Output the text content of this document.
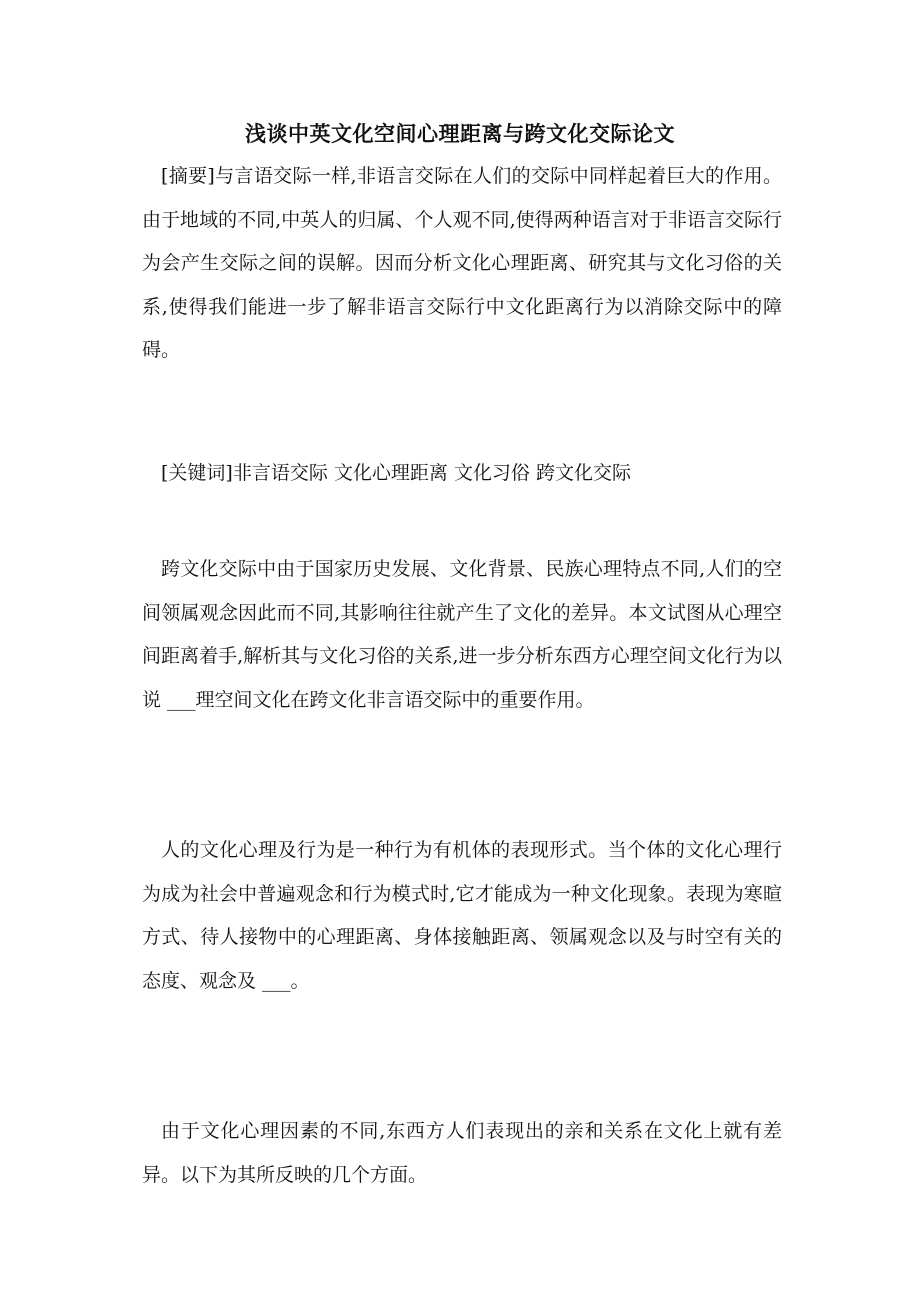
浅谈中英文化空间心理距离与跨文化交际论文

[摘要]与言语交际一样,非语言交际在人们的交际中同样起着巨大的作用。由于地域的不同,中英人的归属、个人观不同,使得两种语言对于非语言交际行为会产生交际之间的误解。因而分析文化心理距离、研究其与文化习俗的关系,使得我们能进一步了解非语言交际行中文化距离行为以消除交际中的障碍。

[关键词]非言语交际 文化心理距离 文化习俗 跨文化交际

跨文化交际中由于国家历史发展、文化背景、民族心理特点不同,人们的空间领属观念因此而不同,其影响往往就产生了文化的差异。本文试图从心理空间距离着手,解析其与文化习俗的关系,进一步分析东西方心理空间文化行为以说 ___理空间文化在跨文化非言语交际中的重要作用。

人的文化心理及行为是一种行为有机体的表现形式。当个体的文化心理行为成为社会中普遍观念和行为模式时,它才能成为一种文化现象。表现为寒暄方式、待人接物中的心理距离、身体接触距离、领属观念以及与时空有关的态度、观念及 ___。

由于文化心理因素的不同,东西方人们表现出的亲和关系在文化上就有差异。以下为其所反映的几个方面。
